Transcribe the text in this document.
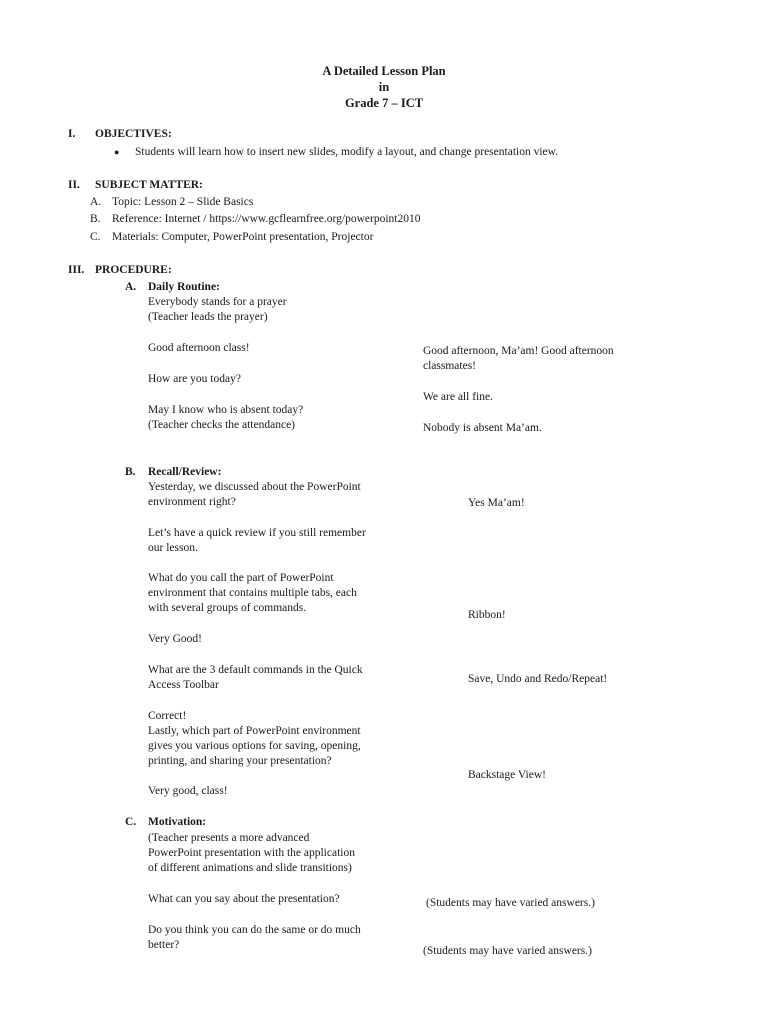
A Detailed Lesson Plan
in
Grade 7 – ICT
I. OBJECTIVES:
● Students will learn how to insert new slides, modify a layout, and change presentation view.
II. SUBJECT MATTER:
A. Topic: Lesson 2 – Slide Basics
B. Reference: Internet / https://www.gcflearnfree.org/powerpoint2010
C. Materials: Computer, PowerPoint presentation, Projector
III. PROCEDURE:
A. Daily Routine:
Everybody stands for a prayer
(Teacher leads the prayer)
Good afternoon class!
How are you today?
May I know who is absent today?
(Teacher checks the attendance)
Good afternoon, Ma’am! Good afternoon
classmates!
We are all fine.
Nobody is absent Ma’am.
B. Recall/Review:
Yesterday, we discussed about the PowerPoint
environment right?
Let’s have a quick review if you still remember
our lesson.
What do you call the part of PowerPoint
environment that contains multiple tabs, each
with several groups of commands.
Very Good!
What are the 3 default commands in the Quick
Access Toolbar
Correct!
Lastly, which part of PowerPoint environment
gives you various options for saving, opening,
printing, and sharing your presentation?
Very good, class!
Yes Ma’am!
Ribbon!
Save, Undo and Redo/Repeat!
Backstage View!
C. Motivation:
(Teacher presents a more advanced
PowerPoint presentation with the application
of different animations and slide transitions)
What can you say about the presentation?
Do you think you can do the same or do much
better?
(Students may have varied answers.)
(Students may have varied answers.)
